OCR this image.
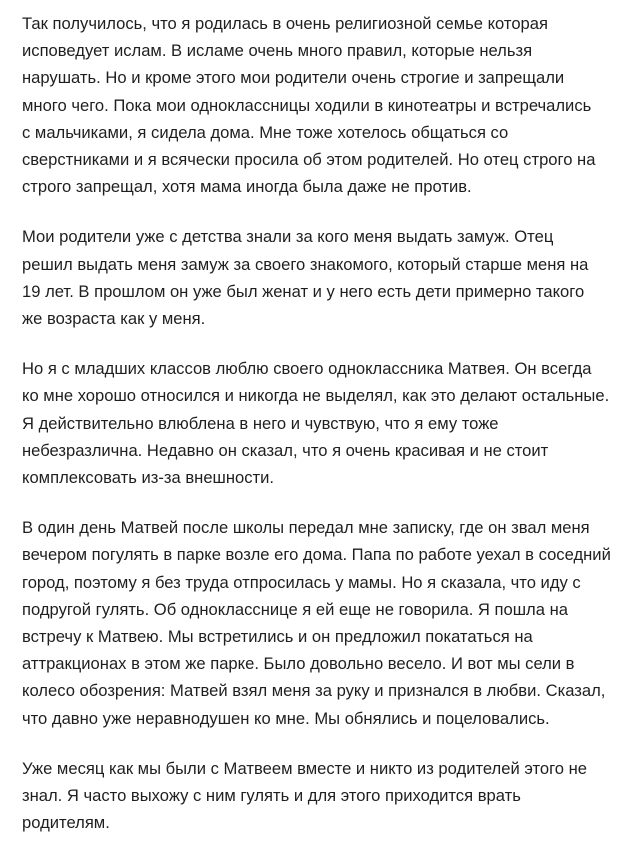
Так получилось, что я родилась в очень религиозной семье которая
исповедует ислам. В исламе очень много правил, которые нельзя
нарушать. Но и кроме этого мои родители очень строгие и запрещали
много чего. Пока мои одноклассницы ходили в кинотеатры и встречались
с мальчиками, я сидела дома. Мне тоже хотелось общаться со
сверстниками и я всячески просила об этом родителей. Но отец строго на
строго запрещал, хотя мама иногда была даже не против.

Мои родители уже с детства знали за кого меня выдать замуж. Отец
решил выдать меня замуж за своего знакомого, который старше меня на
19 лет. В прошлом он уже был женат и у него есть дети примерно такого
же возраста как у меня.

Но я с младших классов люблю своего одноклассника Матвея. Он всегда
ко мне хорошо относился и никогда не выделял, как это делают остальные.
Я действительно влюблена в него и чувствую, что я ему тоже
небезразлична. Недавно он сказал, что я очень красивая и не стоит
комплексовать из-за внешности.

В один день Матвей после школы передал мне записку, где он звал меня
вечером погулять в парке возле его дома. Папа по работе уехал в соседний
город, поэтому я без труда отпросилась у мамы. Но я сказала, что иду с
подругой гулять. Об однокласснице я ей еще не говорила. Я пошла на
встречу к Матвею. Мы встретились и он предложил покататься на
аттракционах в этом же парке. Было довольно весело. И вот мы сели в
колесо обозрения: Матвей взял меня за руку и признался в любви. Сказал,
что давно уже неравнодушен ко мне. Мы обнялись и поцеловались.

Уже месяц как мы были с Матвеем вместе и никто из родителей этого не
знал. Я часто выхожу с ним гулять и для этого приходится врать
родителям.
